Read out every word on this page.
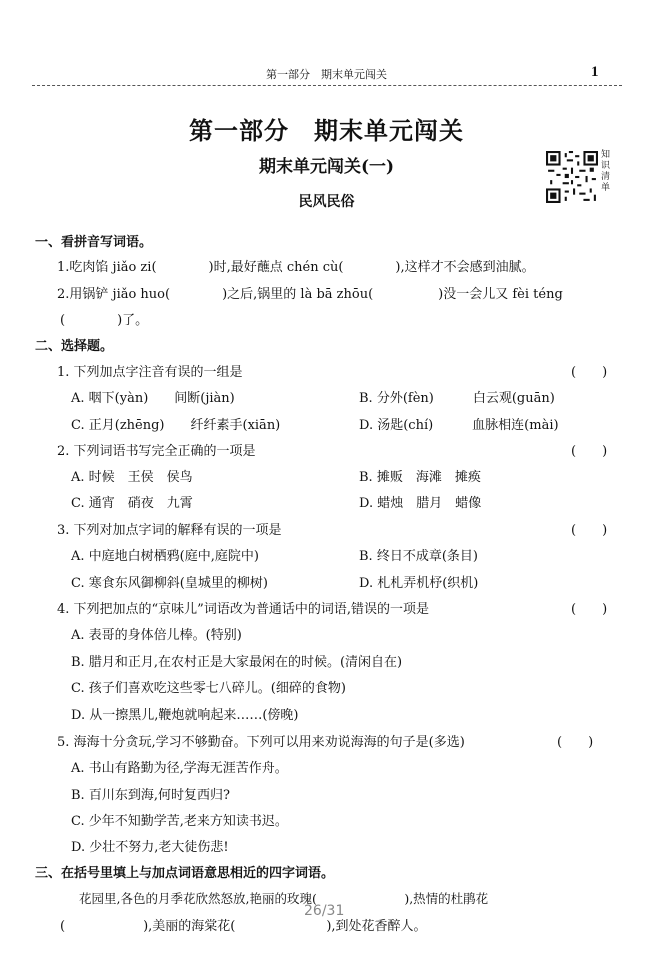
第一部分　期末单元闯关	1
第一部分　期末单元闯关
期末单元闯关(一)
民风民俗
知识清单
一、看拼音写词语。
1.吃肉馅 jiǎo zi(　　　　)时,最好蘸点 chén cù(　　　　),这样才不会感到油腻。
2.用锅铲 jiǎo huo(　　　　)之后,锅里的 là bā zhōu(　　　　　)没一会儿又 fèi téng
(　　　　)了。
二、选择题。
1. 下列加点字注音有误的一组是	(　　)
A. 咽下(yàn)　　间断(jiàn)	B. 分外(fèn)　　　白云观(guān)
C. 正月(zhēng)　　纤纤素手(xiān)	D. 汤匙(chí)　　　血脉相连(mài)
2. 下列词语书写完全正确的一项是	(　　)
A. 时候　王侯　侯鸟	B. 摊贩　海滩　摊痪
C. 通宵　硝夜　九霄	D. 蜡烛　腊月　蜡像
3. 下列对加点字词的解释有误的一项是	(　　)
A. 中庭地白树栖鸦(庭中,庭院中)	B. 终日不成章(条目)
C. 寒食东风御柳斜(皇城里的柳树)	D. 札札弄机杼(织机)
4. 下列把加点的“京味儿”词语改为普通话中的词语,错误的一项是	(　　)
A. 表哥的身体倍儿棒。(特别)
B. 腊月和正月,在农村正是大家最闲在的时候。(清闲自在)
C. 孩子们喜欢吃这些零七八碎儿。(细碎的食物)
D. 从一擦黑儿,鞭炮就响起来……(傍晚)
5. 海海十分贪玩,学习不够勤奋。下列可以用来劝说海海的句子是(多选)	(　　)
A. 书山有路勤为径,学海无涯苦作舟。
B. 百川东到海,何时复西归?
C. 少年不知勤学苦,老来方知读书迟。
D. 少壮不努力,老大徒伤悲!
三、在括号里填上与加点词语意思相近的四字词语。
花园里,各色的月季花欣然怒放,艳丽的玫瑰(　　　　　　　),热情的杜鹃花
(　　　　　　),美丽的海棠花(　　　　　　　),到处花香醉人。
26/31
